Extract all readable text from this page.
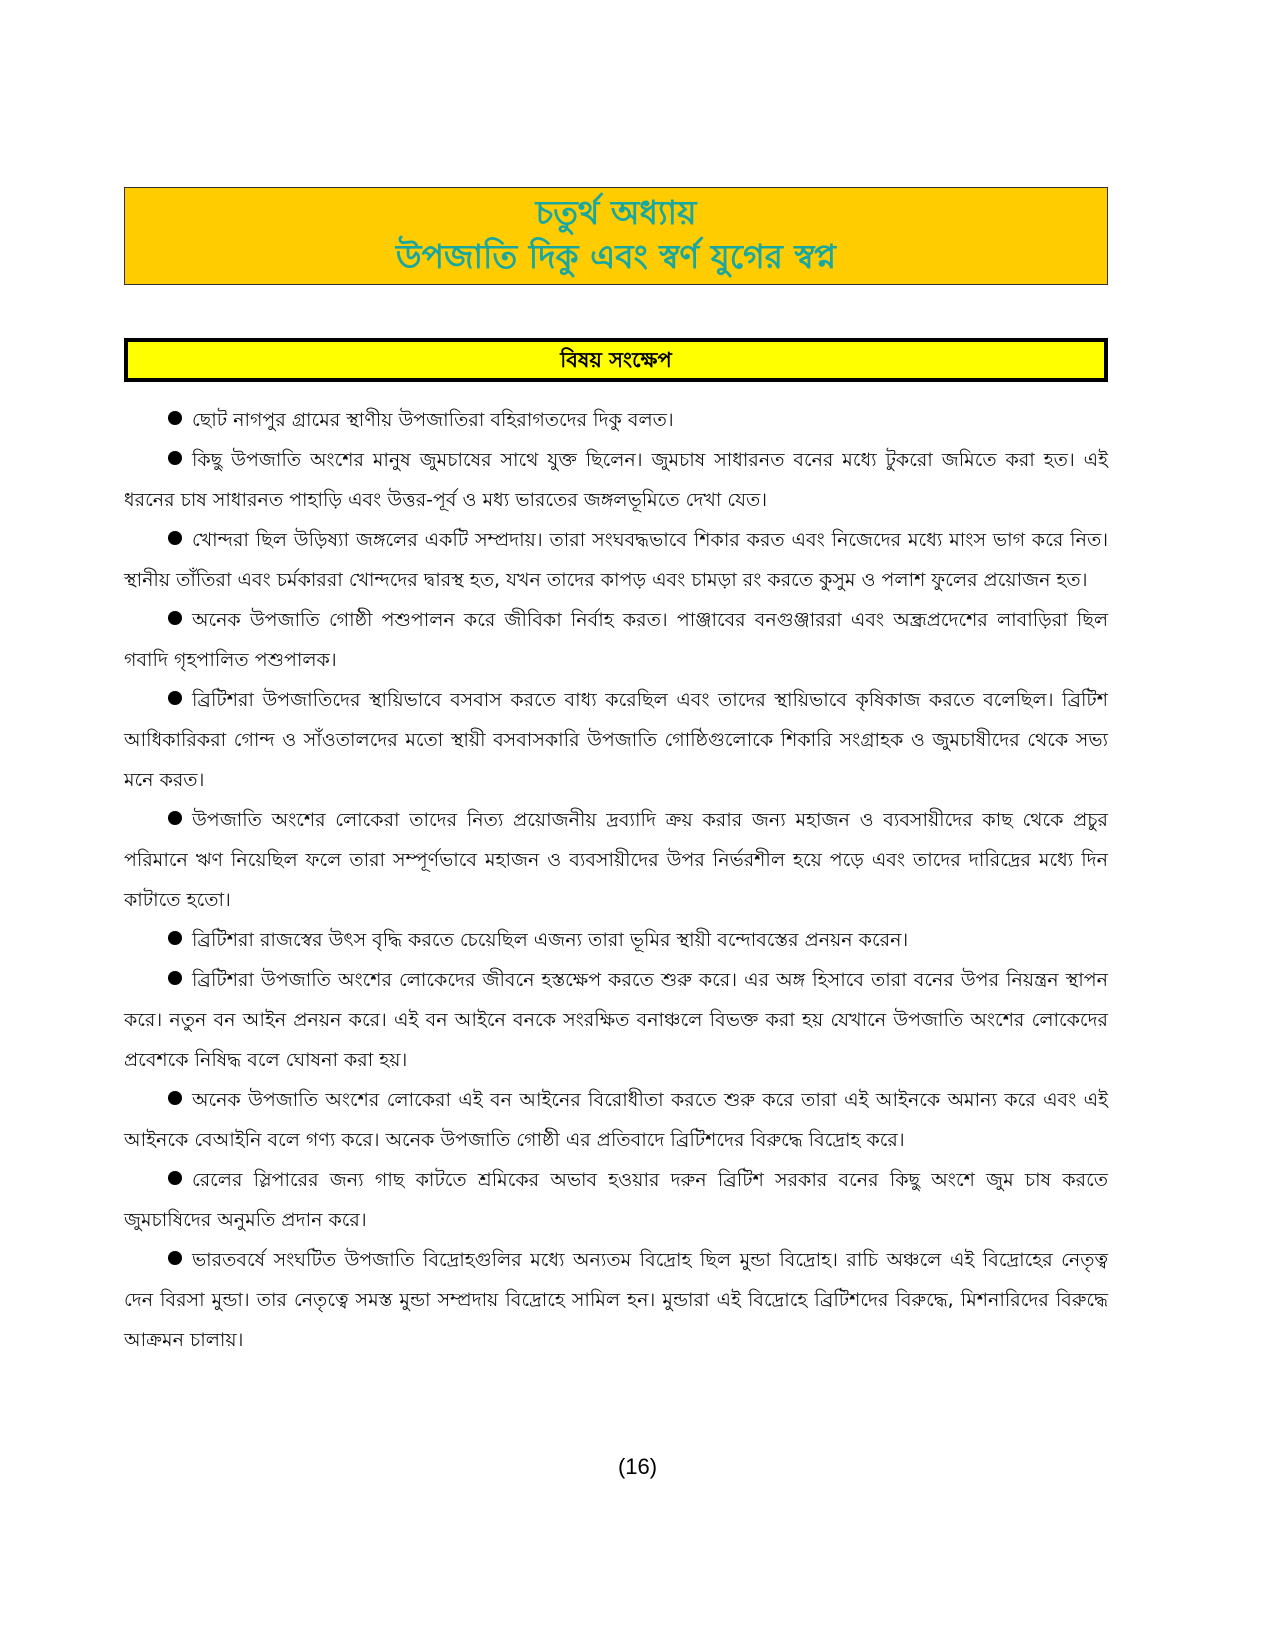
চতুর্থ অধ্যায়
উপজাতি দিকু এবং স্বর্ণ যুগের স্বপ্ন
বিষয় সংক্ষেপ

ছোট নাগপুর গ্রামের স্থাণীয় উপজাতিরা বহিরাগতদের দিকু বলত।

কিছু উপজাতি অংশের মানুষ জুমচাষের সাথে যুক্ত ছিলেন। জুমচাষ সাধারনত বনের মধ্যে টুকরো জমিতে করা হত। এই ধরনের চাষ সাধারনত পাহাড়ি এবং উত্তর-পূর্ব ও মধ্য ভারতের জঙ্গলভূমিতে দেখা যেত।

খোন্দরা ছিল উড়িষ্যা জঙ্গলের একটি সম্প্রদায়। তারা সংঘবদ্ধভাবে শিকার করত এবং নিজেদের মধ্যে মাংস ভাগ করে নিত। স্থানীয় তাঁতিরা এবং চর্মকাররা খোন্দদের দ্বারস্থ হত, যখন তাদের কাপড় এবং চামড়া রং করতে কুসুম ও পলাশ ফুলের প্রয়োজন হত।

অনেক উপজাতি গোষ্ঠী পশুপালন করে জীবিকা নির্বাহ করত। পাঞ্জাবের বনগুঞ্জাররা এবং অন্ধ্রপ্রদেশের লাবাড়িরা ছিল গবাদি গৃহপালিত পশুপালক।

ব্রিটিশরা উপজাতিদের স্থায়িভাবে বসবাস করতে বাধ্য করেছিল এবং তাদের স্থায়িভাবে কৃষিকাজ করতে বলেছিল। ব্রিটিশ আধিকারিকরা গোন্দ ও সাঁওতালদের মতো স্থায়ী বসবাসকারি উপজাতি গোষ্ঠিগুলোকে শিকারি সংগ্রাহক ও জুমচাষীদের থেকে সভ্য মনে করত।

উপজাতি অংশের লোকেরা তাদের নিত্য প্রয়োজনীয় দ্রব্যাদি ক্রয় করার জন্য মহাজন ও ব্যবসায়ীদের কাছ থেকে প্রচুর পরিমানে ঋণ নিয়েছিল ফলে তারা সম্পূর্ণভাবে মহাজন ও ব্যবসায়ীদের উপর নির্ভরশীল হয়ে পড়ে এবং তাদের দারিদ্রের মধ্যে দিন কাটাতে হতো।

ব্রিটিশরা রাজস্বের উৎস বৃদ্ধি করতে চেয়েছিল এজন্য তারা ভূমির স্থায়ী বন্দোবস্তের প্রনয়ন করেন।

ব্রিটিশরা উপজাতি অংশের লোকেদের জীবনে হস্তক্ষেপ করতে শুরু করে। এর অঙ্গ হিসাবে তারা বনের উপর নিয়ন্ত্রন স্থাপন করে। নতুন বন আইন প্রনয়ন করে। এই বন আইনে বনকে সংরক্ষিত বনাঞ্চলে বিভক্ত করা হয় যেখানে উপজাতি অংশের লোকেদের প্রবেশকে নিষিদ্ধ বলে ঘোষনা করা হয়।

অনেক উপজাতি অংশের লোকেরা এই বন আইনের বিরোধীতা করতে শুরু করে তারা এই আইনকে অমান্য করে এবং এই আইনকে বেআইনি বলে গণ্য করে। অনেক উপজাতি গোষ্ঠী এর প্রতিবাদে ব্রিটিশদের বিরুদ্ধে বিদ্রোহ করে।

রেলের স্লিপারের জন্য গাছ কাটতে শ্রমিকের অভাব হওয়ার দরুন ব্রিটিশ সরকার বনের কিছু অংশে জুম চাষ করতে জুমচাষিদের অনুমতি প্রদান করে।

ভারতবর্ষে সংঘটিত উপজাতি বিদ্রোহগুলির মধ্যে অন্যতম বিদ্রোহ ছিল মুন্ডা বিদ্রোহ। রাচি অঞ্চলে এই বিদ্রোহের নেতৃত্ব দেন বিরসা মুন্ডা। তার নেতৃত্বে সমস্ত মুন্ডা সম্প্রদায় বিদ্রোহে সামিল হন। মুন্ডারা এই বিদ্রোহে ব্রিটিশদের বিরুদ্ধে, মিশনারিদের বিরুদ্ধে আক্রমন চালায়।

(16)
